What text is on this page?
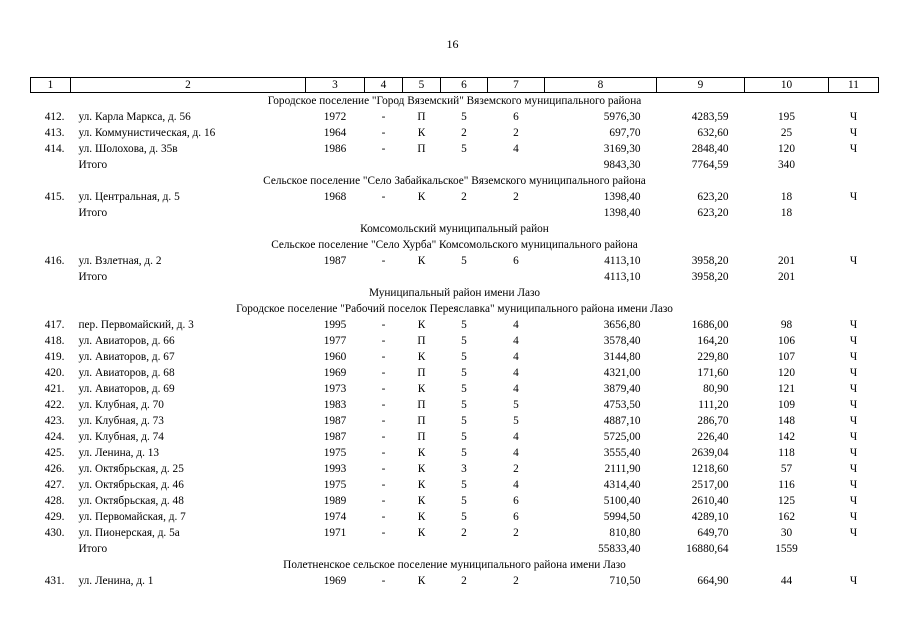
16
1	2	3	4	5	6	7	8	9	10	11
Городское поселение "Город Вяземский" Вяземского муниципального района										
412.	ул. Карла Маркса, д. 56	1972	-	П	5	6	5976,30	4283,59	195	Ч
413.	ул. Коммунистическая, д. 16	1964	-	К	2	2	697,70	632,60	25	Ч
414.	ул. Шолохова, д. 35в	1986	-	П	5	4	3169,30	2848,40	120	Ч
	Итого						9843,30	7764,59	340	
Сельское поселение "Село Забайкальское" Вяземского муниципального района										
415.	ул. Центральная, д. 5	1968	-	К	2	2	1398,40	623,20	18	Ч
	Итого						1398,40	623,20	18	
Комсомольский муниципальный район										
Сельское поселение "Село Хурба" Комсомольского муниципального района										
416.	ул. Взлетная, д. 2	1987	-	К	5	6	4113,10	3958,20	201	Ч
	Итого						4113,10	3958,20	201	
Муниципальный район имени Лазо										
Городское поселение "Рабочий поселок Переяславка" муниципального района имени Лазо										
417.	пер. Первомайский, д. 3	1995	-	К	5	4	3656,80	1686,00	98	Ч
418.	ул. Авиаторов, д. 66	1977	-	П	5	4	3578,40	164,20	106	Ч
419.	ул. Авиаторов, д. 67	1960	-	К	5	4	3144,80	229,80	107	Ч
420.	ул. Авиаторов, д. 68	1969	-	П	5	4	4321,00	171,60	120	Ч
421.	ул. Авиаторов, д. 69	1973	-	К	5	4	3879,40	80,90	121	Ч
422.	ул. Клубная, д. 70	1983	-	П	5	5	4753,50	111,20	109	Ч
423.	ул. Клубная, д. 73	1987	-	П	5	5	4887,10	286,70	148	Ч
424.	ул. Клубная, д. 74	1987	-	П	5	4	5725,00	226,40	142	Ч
425.	ул. Ленина, д. 13	1975	-	К	5	4	3555,40	2639,04	118	Ч
426.	ул. Октябрьская, д. 25	1993	-	К	3	2	2111,90	1218,60	57	Ч
427.	ул. Октябрьская, д. 46	1975	-	К	5	4	4314,40	2517,00	116	Ч
428.	ул. Октябрьская, д. 48	1989	-	К	5	6	5100,40	2610,40	125	Ч
429.	ул. Первомайская, д. 7	1974	-	К	5	6	5994,50	4289,10	162	Ч
430.	ул. Пионерская, д. 5а	1971	-	К	2	2	810,80	649,70	30	Ч
	Итого						55833,40	16880,64	1559	
Полетненское сельское поселение муниципального района имени Лазо										
431.	ул. Ленина, д. 1	1969	-	К	2	2	710,50	664,90	44	Ч
